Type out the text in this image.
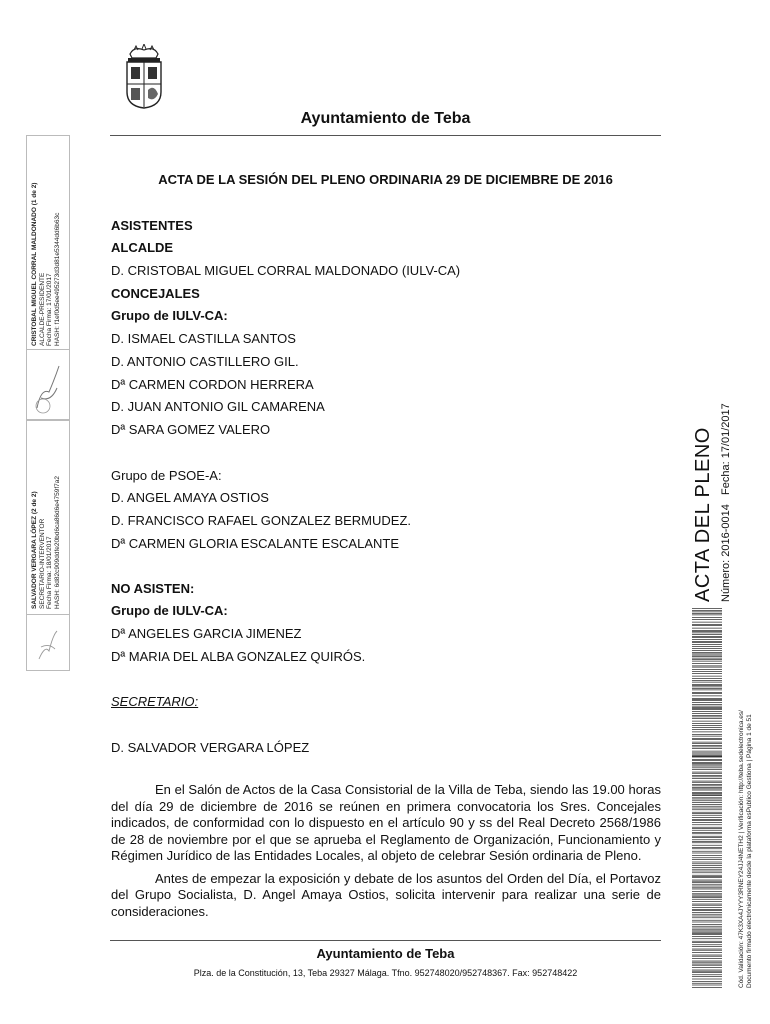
Ayuntamiento de Teba
ACTA DE LA SESIÓN DEL PLENO ORDINARIA 29 DE DICIEMBRE DE 2016
ASISTENTES
ALCALDE
D. CRISTOBAL MIGUEL CORRAL MALDONADO (IULV-CA)
CONCEJALES
Grupo de IULV-CA:
D. ISMAEL CASTILLA SANTOS
D. ANTONIO CASTILLERO GIL.
Dª CARMEN CORDON HERRERA
D. JUAN ANTONIO GIL CAMARENA
Dª SARA GOMEZ VALERO
Grupo de PSOE-A:
D. ANGEL AMAYA OSTIOS
D. FRANCISCO RAFAEL GONZALEZ BERMUDEZ.
Dª CARMEN GLORIA ESCALANTE ESCALANTE
NO ASISTEN:
Grupo de IULV-CA:
Dª ANGELES GARCIA JIMENEZ
Dª MARIA DEL ALBA GONZALEZ QUIRÓS.
SECRETARIO:
D. SALVADOR VERGARA LÓPEZ

En el Salón de Actos de la Casa Consistorial de la Villa de Teba, siendo las 19.00 horas del día 29 de diciembre de 2016 se reúnen en primera convocatoria los Sres. Concejales indicados, de conformidad con lo dispuesto en el artículo 90 y ss del Real Decreto 2568/1986 de 28 de noviembre por el que se aprueba el Reglamento de Organización, Funcionamiento y Régimen Jurídico de las Entidades Locales, al objeto de celebrar Sesión ordinaria de Pleno.

Antes de empezar la exposición y debate de los asuntos del Orden del Día, el Portavoz del Grupo Socialista, D. Angel Amaya Ostios, solicita intervenir para realizar una serie de consideraciones.

Ayuntamiento de Teba
Plza. de la Constitución, 13, Teba 29327 Málaga. Tfno. 952748020/952748367. Fax: 952748422
CRISTOBAL MIGUEL CORRAL MALDONADO (1 de 2) ALCALDE-PRESIDENTE Fecha Firma: 17/01/2017 HASH: f1ef0d5ee495273d3d81e5344dd6b63c
SALVADOR VERGARA LÓPEZ (2 de 2) SECRETARIO-INTERVENTOR Fecha Firma: 18/01/2017 HASH: 6d82c909ddfe20bd6ca86d6e4759f7a2	ACTA DEL PLENO Número: 2016-0014   Fecha: 17/01/2017
Cód. Validación: 47K3XA4JYYY3RNEY24JJ4NETH2 | Verificación: http://teba.sedelectronica.es/ Documento firmado electrónicamente desde la plataforma esPublico Gestiona | Página 1 de 51
